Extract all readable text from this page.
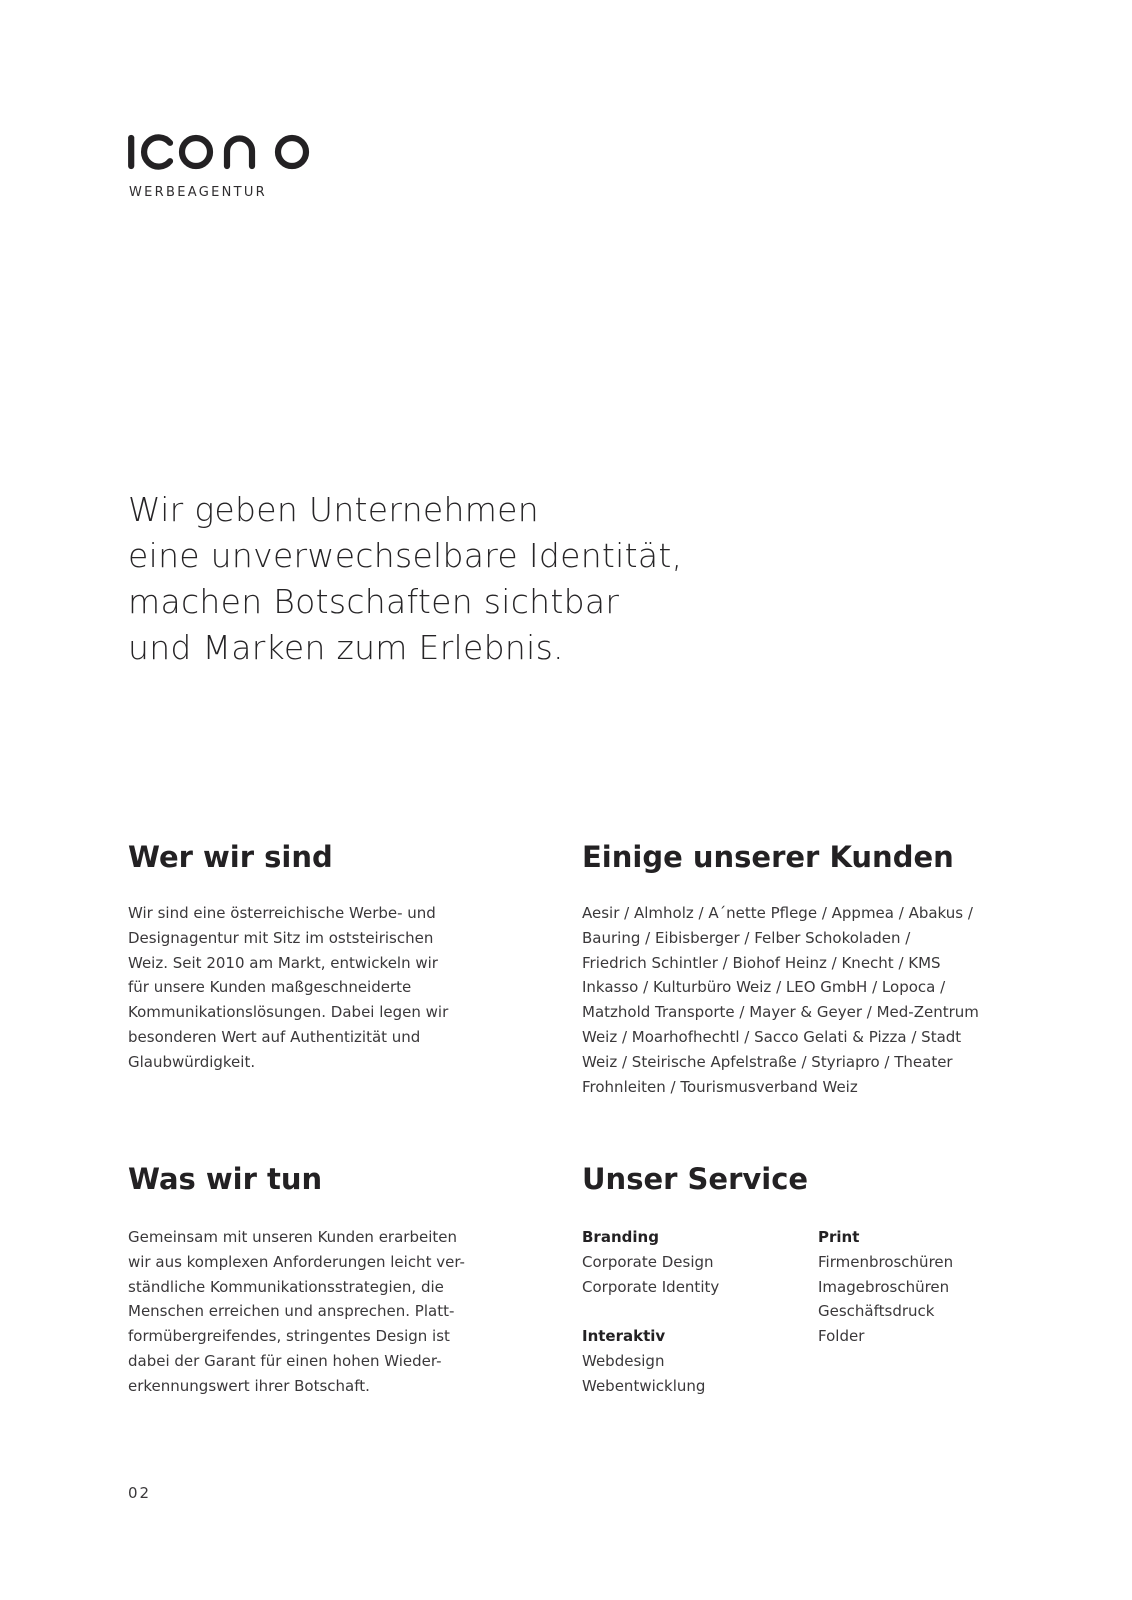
WERBEAGENTUR
Wir geben Unternehmen
eine unverwechselbare Identität,
machen Botschaften sichtbar
und Marken zum Erlebnis.
Wer wir sind
Wir sind eine österreichische Werbe- und
Designagentur mit Sitz im oststeirischen
Weiz. Seit 2010 am Markt, entwickeln wir
für unsere Kunden maßgeschneiderte
Kommunikationslösungen. Dabei legen wir
besonderen Wert auf Authentizität und
Glaubwürdigkeit.
Einige unserer Kunden
Aesir / Almholz / A´nette Pflege / Appmea / Abakus /
Bauring / Eibisberger / Felber Schokoladen /
Friedrich Schintler / Biohof Heinz / Knecht / KMS
Inkasso / Kulturbüro Weiz / LEO GmbH / Lopoca /
Matzhold Transporte / Mayer & Geyer / Med-Zentrum
Weiz / Moarhofhechtl / Sacco Gelati & Pizza / Stadt
Weiz / Steirische Apfelstraße / Styriapro / Theater
Frohnleiten / Tourismusverband Weiz
Was wir tun
Gemeinsam mit unseren Kunden erarbeiten
wir aus komplexen Anforderungen leicht ver-
ständliche Kommunikationsstrategien, die
Menschen erreichen und ansprechen. Platt-
formübergreifendes, stringentes Design ist
dabei der Garant für einen hohen Wieder-
erkennungswert ihrer Botschaft.
Unser Service
Branding
Corporate Design
Corporate Identity
Interaktiv
Webdesign
Webentwicklung
Print
Firmenbroschüren
Imagebroschüren
Geschäftsdruck
Folder
02
